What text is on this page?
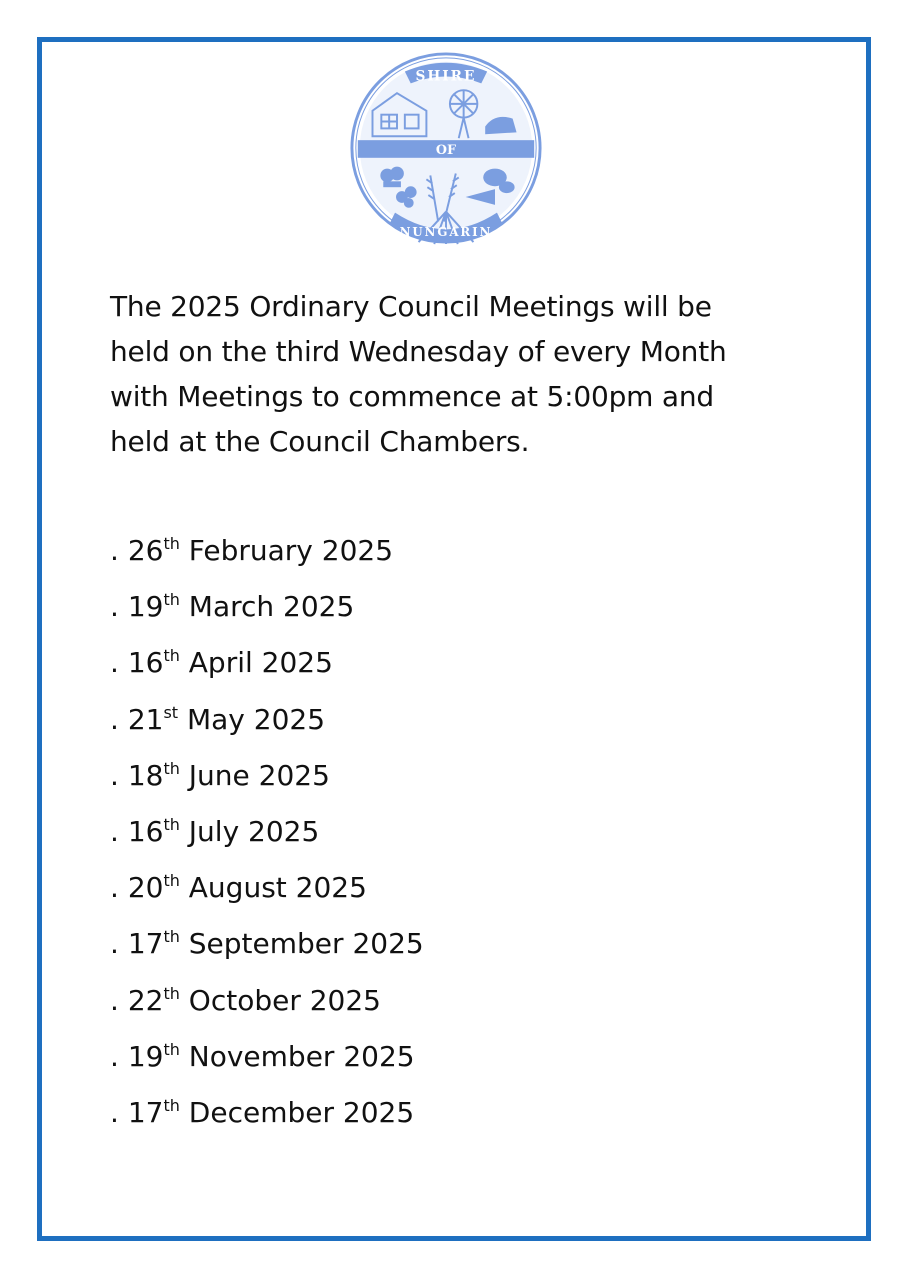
SHIRE
OF
NUNGARIN
The 2025 Ordinary Council Meetings will be
held on the third Wednesday of every Month
with Meetings to commence at 5:00pm and
held at the Council Chambers.
. 26th February 2025
. 19th March 2025
. 16th April 2025
. 21st May 2025
. 18th June 2025
. 16th July 2025
. 20th August 2025
. 17th September 2025
. 22th October 2025
. 19th November 2025
. 17th December 2025
